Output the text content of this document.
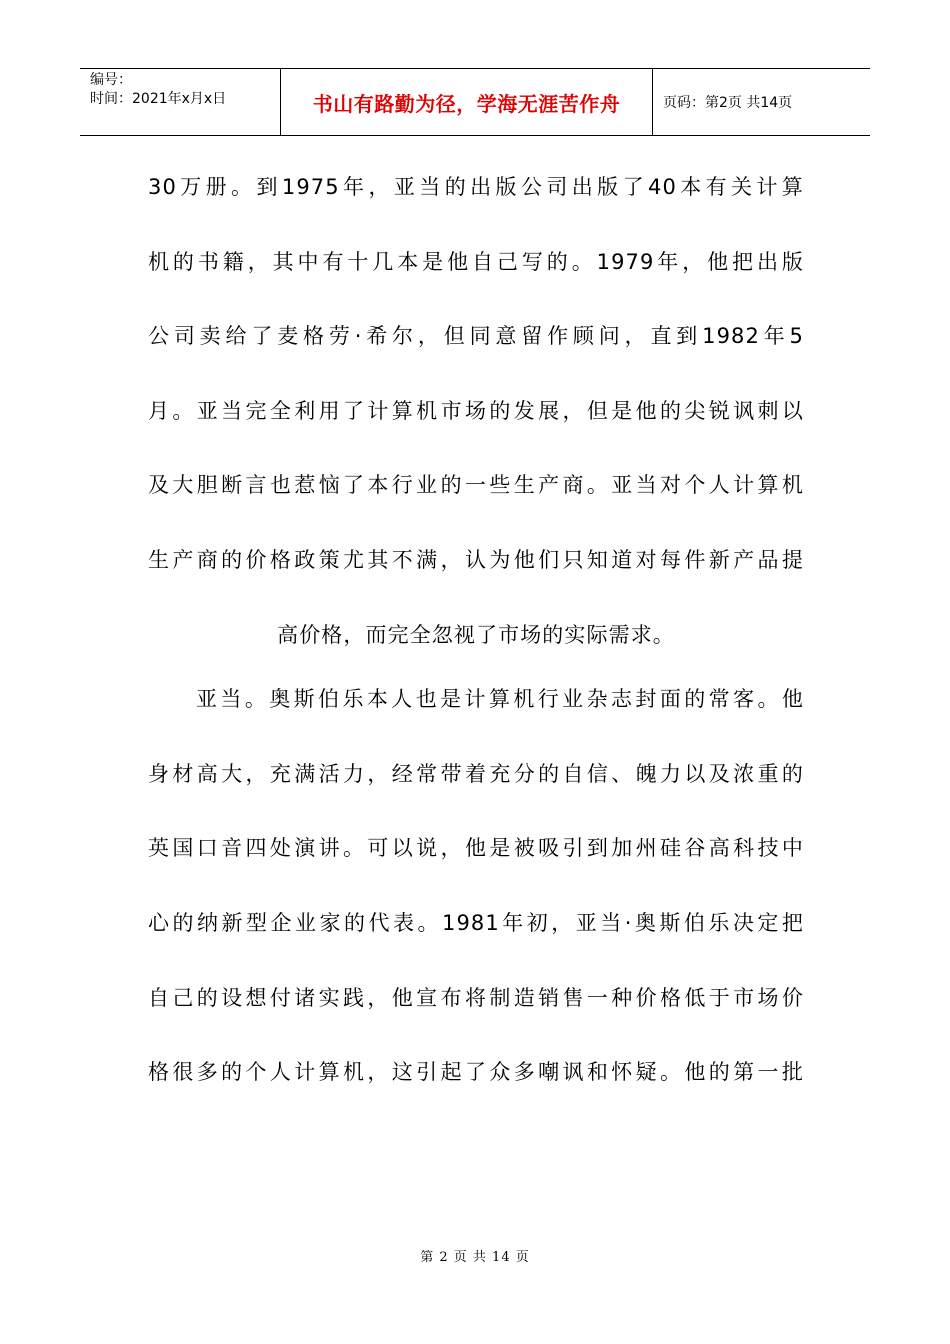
编号：
时间：2021年x月x日	书山有路勤为径，学海无涯苦作舟	页码：第2页 共14页
30万册。到1975年，亚当的出版公司出版了40本有关计算
机的书籍，其中有十几本是他自己写的。1979年，他把出版
公司卖给了麦格劳·希尔，但同意留作顾问，直到1982年5
月。亚当完全利用了计算机市场的发展，但是他的尖锐讽刺以
及大胆断言也惹恼了本行业的一些生产商。亚当对个人计算机
生产商的价格政策尤其不满，认为他们只知道对每件新产品提
高价格，而完全忽视了市场的实际需求。
亚当。奥斯伯乐本人也是计算机行业杂志封面的常客。他
身材高大，充满活力，经常带着充分的自信、魄力以及浓重的
英国口音四处演讲。可以说，他是被吸引到加州硅谷高科技中
心的纳新型企业家的代表。1981年初，亚当·奥斯伯乐决定把
自己的设想付诸实践，他宣布将制造销售一种价格低于市场价
格很多的个人计算机，这引起了众多嘲讽和怀疑。他的第一批
第 2 页 共 14 页
